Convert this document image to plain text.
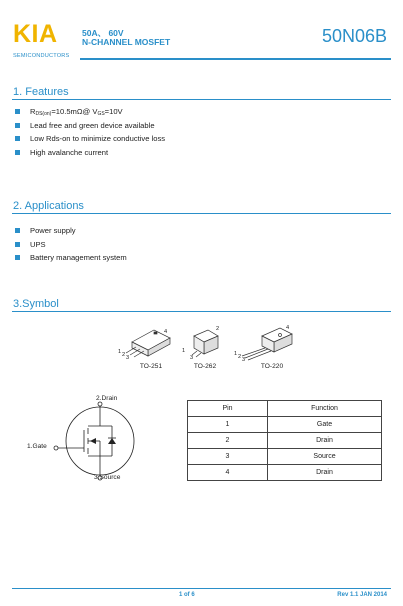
KIA
SEMICONDUCTORS
50A、 60V
N-CHANNEL MOSFET	50N06B
1. Features
$R_{DS(on)}=10.5m\Omega@$ $V_{GS}=10V$
Lead free and green device available
Low Rds-on to minimize conductive loss
High avalanche current
2. Applications
Power supply
UPS
Battery management system
3.Symbol
4
1 2 3
2
1
3
4
1 2 3
TO-251	TO-262	TO-220
2.Drain
1.Gate
3.Source
Pin	Function
1	Gate
2	Drain
3	Source
4	Drain
1 of 6	Rev 1.1 JAN 2014
